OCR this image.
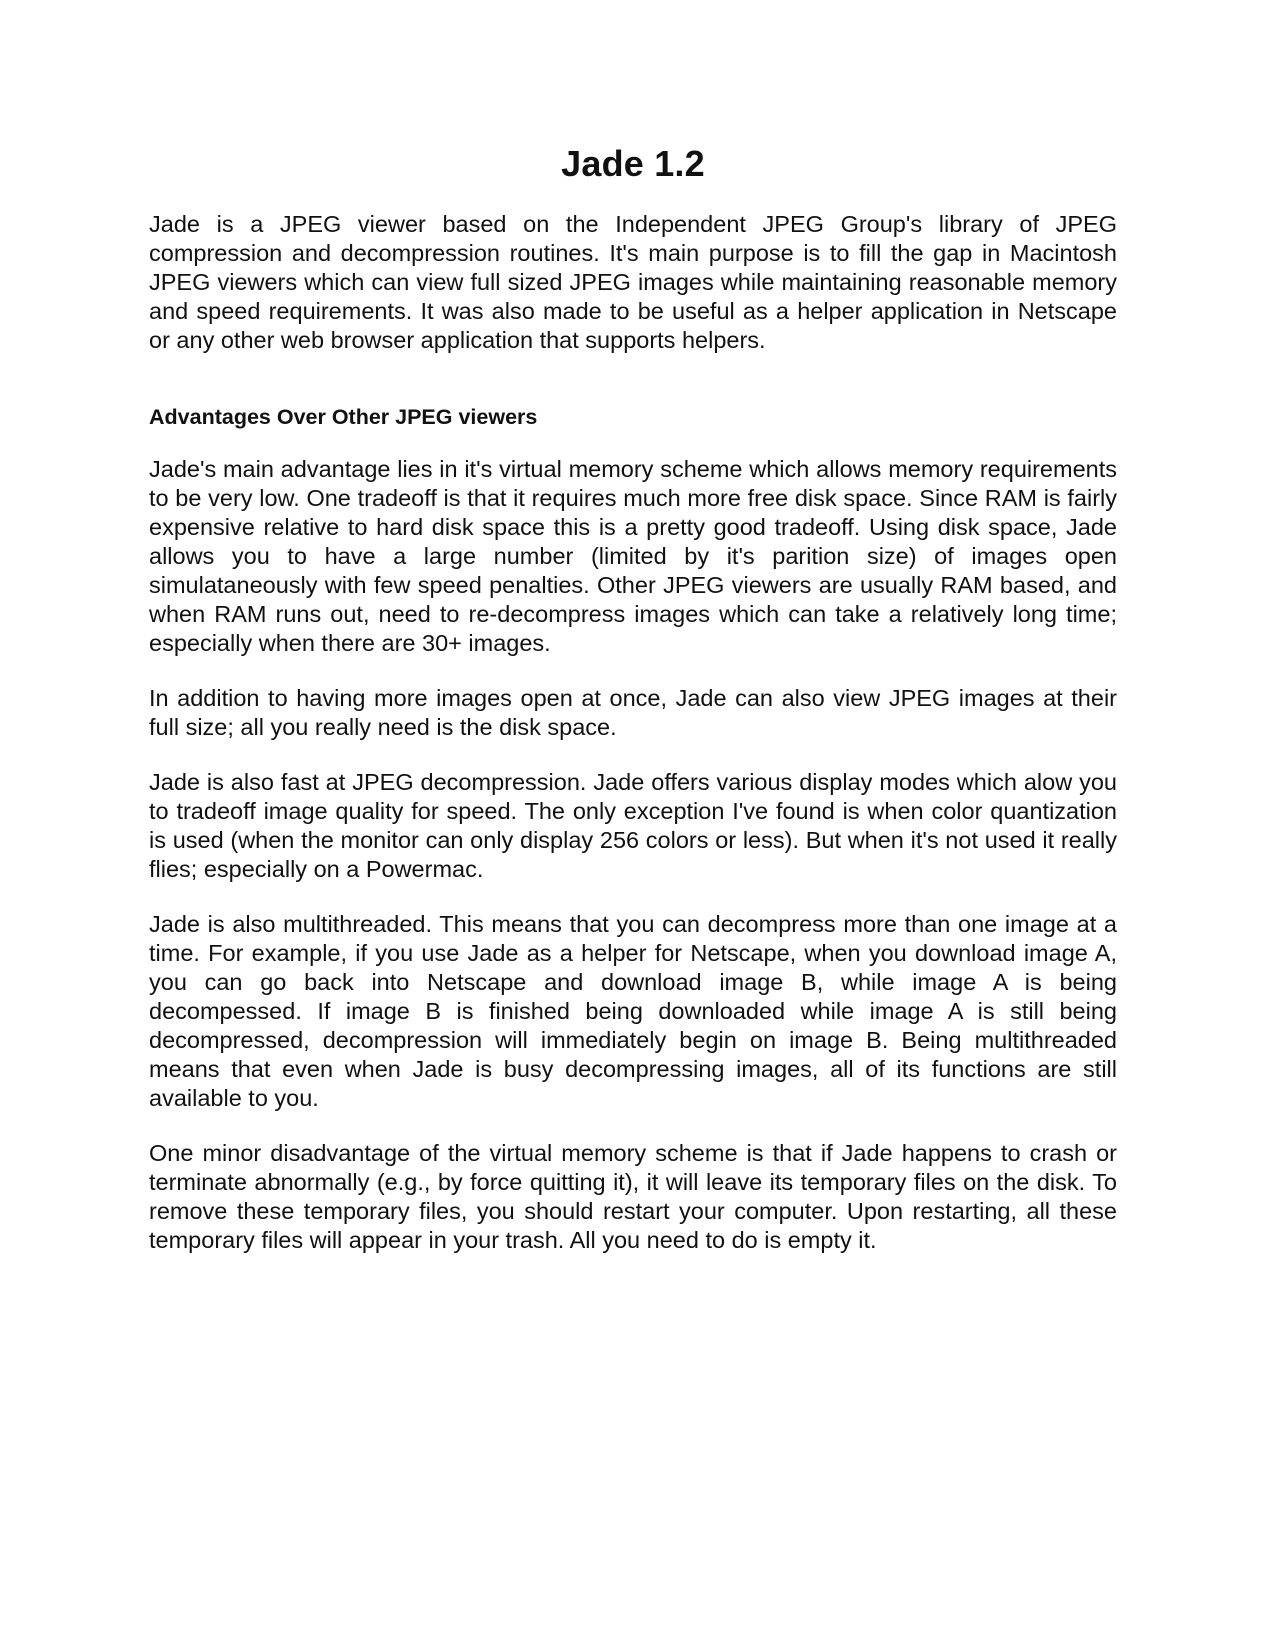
Jade 1.2

Jade is a JPEG viewer based on the Independent JPEG Group's library of JPEG compression and decompression routines. It's main purpose is to fill the gap in Macintosh JPEG viewers which can view full sized JPEG images while maintaining reasonable memory and speed requirements. It was also made to be useful as a helper application in Netscape or any other web browser application that supports helpers.

Advantages Over Other JPEG viewers

Jade's main advantage lies in it's virtual memory scheme which allows memory requirements to be very low. One tradeoff is that it requires much more free disk space. Since RAM is fairly expensive relative to hard disk space this is a pretty good tradeoff. Using disk space, Jade allows you to have a large number (limited by it's parition size) of images open simulataneously with few speed penalties. Other JPEG viewers are usually RAM based, and when RAM runs out, need to re-decompress images which can take a relatively long time; especially when there are 30+ images.

In addition to having more images open at once, Jade can also view JPEG images at their full size; all you really need is the disk space.

Jade is also fast at JPEG decompression. Jade offers various display modes which alow you to tradeoff image quality for speed. The only exception I've found is when color quantization is used (when the monitor can only display 256 colors or less). But when it's not used it really flies; especially on a Powermac.

Jade is also multithreaded. This means that you can decompress more than one image at a time. For example, if you use Jade as a helper for Netscape, when you download image A, you can go back into Netscape and download image B, while image A is being decompessed. If image B is finished being downloaded while image A is still being decompressed, decompression will immediately begin on image B. Being multithreaded means that even when Jade is busy decompressing images, all of its functions are still available to you.

One minor disadvantage of the virtual memory scheme is that if Jade happens to crash or terminate abnormally (e.g., by force quitting it), it will leave its temporary files on the disk. To remove these temporary files, you should restart your computer. Upon restarting, all these temporary files will appear in your trash. All you need to do is empty it.
